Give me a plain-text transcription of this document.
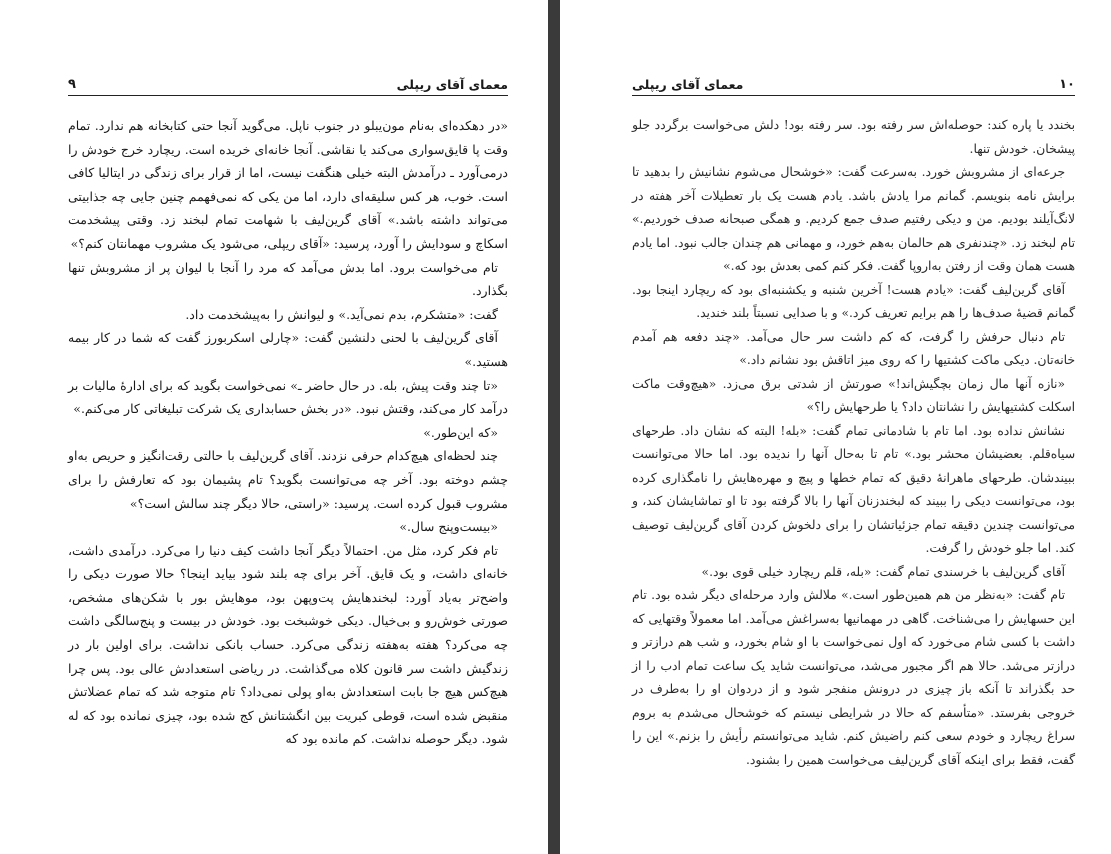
۹	معمای آقای ریپلی

«در دهکده‌ای به‌نام مون‌یبلو در جنوب ناپل. می‌گوید آنجا حتی کتابخانه هم ندارد. تمام وقت پا قایق‌سواری می‌کند یا نقاشی. آنجا خانه‌ای خریده است. ریچارد خرج خودش را درمی‌آورد ـ درآمدش البته خیلی هنگفت نیست، اما از قرار برای زندگی در ایتالیا کافی است. خوب، هر کس سلیقه‌ای دارد، اما من یکی که نمی‌فهمم چنین جایی چه جذابیتی می‌تواند داشته باشد.» آقای گرین‌لیف با شهامت تمام لبخند زد. وقتی پیشخدمت اسکاچ و سودایش را آورد، پرسید: «آقای ریپلی، می‌شود یک مشروب مهمانتان کنم؟»

تام می‌خواست برود. اما بدش می‌آمد که مرد را آنجا با لیوان پر از مشروبش تنها بگذارد.

گفت: «متشکرم، بدم نمی‌آید.» و لیوانش را به‌پیشخدمت داد.

آقای گرین‌لیف با لحنی دلنشین گفت: «چارلی اسکربورز گفت که شما در کار بیمه هستید.»

«تا چند وقت پیش، بله. در حال حاضر ـ» نمی‌خواست بگوید که برای ادارهٔ مالیات بر درآمد کار می‌کند، وقتش نبود. «در بخش حسابداری یک شرکت تبلیغاتی کار می‌کنم.»

«که این‌طور.»

چند لحظه‌ای هیچ‌کدام حرفی نزدند. آقای گرین‌لیف با حالتی رقت‌انگیز و حریص به‌او چشم دوخته بود. آخر چه می‌توانست بگوید؟ تام پشیمان بود که تعارفش را برای مشروب قبول کرده است. پرسید: «راستی، حالا دیگر چند سالش است؟»

«بیست‌وپنج سال.»

تام فکر کرد، مثل من. احتمالاً دیگر آنجا داشت کیف دنیا را می‌کرد. درآمدی داشت، خانه‌ای داشت، و یک قایق. آخر برای چه بلند شود بیاید اینجا؟ حالا صورت دیکی را واضح‌تر به‌یاد آورد: لبخندهایش پت‌وپهن بود، موهایش بور با شکن‌های مشخص، صورتی خوش‌رو و بی‌خیال. دیکی خوشبخت بود. خودش در بیست و پنج‌سالگی داشت چه می‌کرد؟ هفته به‌هفته زندگی می‌کرد. حساب بانکی نداشت. برای اولین بار در زندگیش داشت سر قانون کلاه می‌گذاشت. در ریاضی استعدادش عالی بود. پس چرا هیچ‌کس هیچ جا بابت استعدادش به‌او پولی نمی‌داد؟ تام متوجه شد که تمام عضلاتش منقبض شده است، قوطی کبریت بین انگشتانش کج شده بود، چیزی نمانده بود که له شود. دیگر حوصله نداشت. کم مانده بود که

معمای آقای ریپلی	۱۰

بخندد یا پاره کند: حوصله‌اش سر رفته بود. سر رفته بود! دلش می‌خواست برگردد جلو پیشخان. خودش تنها.

جرعه‌ای از مشروبش خورد. به‌سرعت گفت: «خوشحال می‌شوم نشانیش را بدهید تا برایش نامه بنویسم. گمانم مرا یادش باشد. یادم هست یک بار تعطیلات آخر هفته در لانگ‌آیلند بودیم. من و دیکی رفتیم صدف جمع کردیم. و همگی صبحانه صدف خوردیم.» تام لبخند زد. «چندنفری هم حالمان به‌هم خورد، و مهمانی هم چندان جالب نبود. اما یادم هست همان وقت از رفتن به‌اروپا گفت. فکر کنم کمی بعدش بود که.»

آقای گرین‌لیف گفت: «یادم هست! آخرین شنبه و یکشنبه‌ای بود که ریچارد اینجا بود. گمانم قضیهٔ صدف‌ها را هم برایم تعریف کرد.» و با صدایی نسبتاً بلند خندید.

تام دنبال حرفش را گرفت، که کم داشت سر حال می‌آمد. «چند دفعه هم آمدم خانه‌تان. دیکی ماکت کشتیها را که روی میز اتاقش بود نشانم داد.»

«نازه آنها مال زمان بچگیش‌اند!» صورتش از شدتی برق می‌زد. «هیچ‌وقت ماکت اسکلت کشتیهایش را نشانتان داد؟ یا طرحهایش را؟»

نشانش نداده بود. اما تام با شادمانی تمام گفت: «بله! البته که نشان داد. طرحهای سیاه‌قلم. بعضیشان محشر بود.» تام تا به‌حال آنها را ندیده بود. اما حالا می‌توانست ببیندشان. طرحهای ماهرانهٔ دقیق که تمام خطها و پیچ و مهره‌هایش را نامگذاری کرده بود، می‌توانست دیکی را ببیند که لبخندزنان آنها را بالا گرفته بود تا او تماشایشان کند، و می‌توانست چندین دقیقه تمام جزئیاتشان را برای دلخوش کردن آقای گرین‌لیف توصیف کند. اما جلو خودش را گرفت.

آقای گرین‌لیف با خرسندی تمام گفت: «بله، قلم ریچارد خیلی قوی بود.»

تام گفت: «به‌نظر من هم همین‌طور است.» ملالش وارد مرحله‌ای دیگر شده بود. تام این حسهایش را می‌شناخت. گاهی در مهمانیها به‌سراغش می‌آمد. اما معمولاً وقتهایی که داشت با کسی شام می‌خورد که اول نمی‌خواست با او شام بخورد، و شب هم درازتر و درازتر می‌شد. حالا هم اگر مجبور می‌شد، می‌توانست شاید یک ساعت تمام ادب را از حد بگذراند تا آنکه باز چیزی در درونش منفجر شود و از دردوان او را به‌طرف در خروجی بفرستد. «متأسفم که حالا در شرایطی نیستم که خوشحال می‌شدم به بروم سراغ ریچارد و خودم سعی کنم راضیش کنم. شاید می‌توانستم رأیش را بزنم.» این را گفت، فقط برای اینکه آقای گرین‌لیف می‌خواست همین را بشنود.
